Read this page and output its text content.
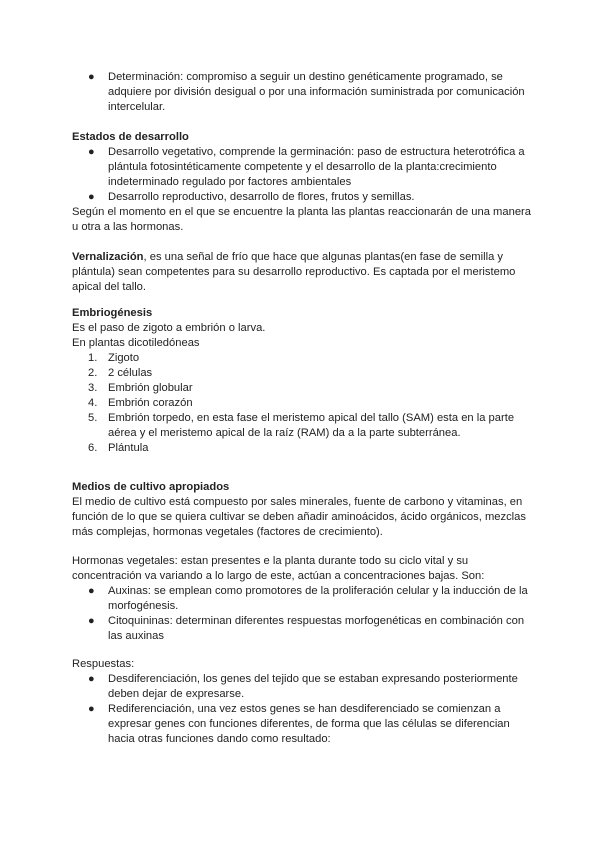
●	Determinación: compromiso a seguir un destino genéticamente programado, se adquiere por división desigual o por una información suministrada por comunicación intercelular.

Estados de desarrollo

●	Desarrollo vegetativo, comprende la germinación: paso de estructura heterotrófica a plántula fotosintéticamente competente y el desarrollo de la planta:crecimiento indeterminado regulado por factores ambientales
●	Desarrollo reproductivo, desarrollo de flores, frutos y semillas.

Según el momento en el que se encuentre la planta las plantas reaccionarán de una manera u otra a las hormonas.

Vernalización, es una señal de frío que hace que algunas plantas(en fase de semilla y plántula) sean competentes para su desarrollo reproductivo. Es captada por el meristemo apical del tallo.

Embriogénesis

Es el paso de zigoto a embrión o larva.

En plantas dicotiledóneas

1. Zigoto
2. 2 células
3. Embrión globular
4. Embrión corazón
5. Embrión torpedo, en esta fase el meristemo apical del tallo (SAM) esta en la parte aérea y el meristemo apical de la raíz (RAM) da a la parte subterránea.
6. Plántula

Medios de cultivo apropiados

El medio de cultivo está compuesto por sales minerales, fuente de carbono y vitaminas, en función de lo que se quiera cultivar se deben añadir aminoácidos, ácido orgánicos, mezclas más complejas, hormonas vegetales (factores de crecimiento).

Hormonas vegetales: estan presentes e la planta durante todo su ciclo vital y su concentración va variando a lo largo de este, actúan a concentraciones bajas. Son:

●	Auxinas: se emplean como promotores de la proliferación celular y la inducción de la morfogénesis.
●	Citoquininas: determinan diferentes respuestas morfogenéticas en combinación con las auxinas

Respuestas:

●	Desdiferenciación, los genes del tejido que se estaban expresando posteriormente deben dejar de expresarse.
●	Rediferenciación, una vez estos genes se han desdiferenciado se comienzan a expresar genes con funciones diferentes, de forma que las células se diferencian hacia otras funciones dando como resultado:
